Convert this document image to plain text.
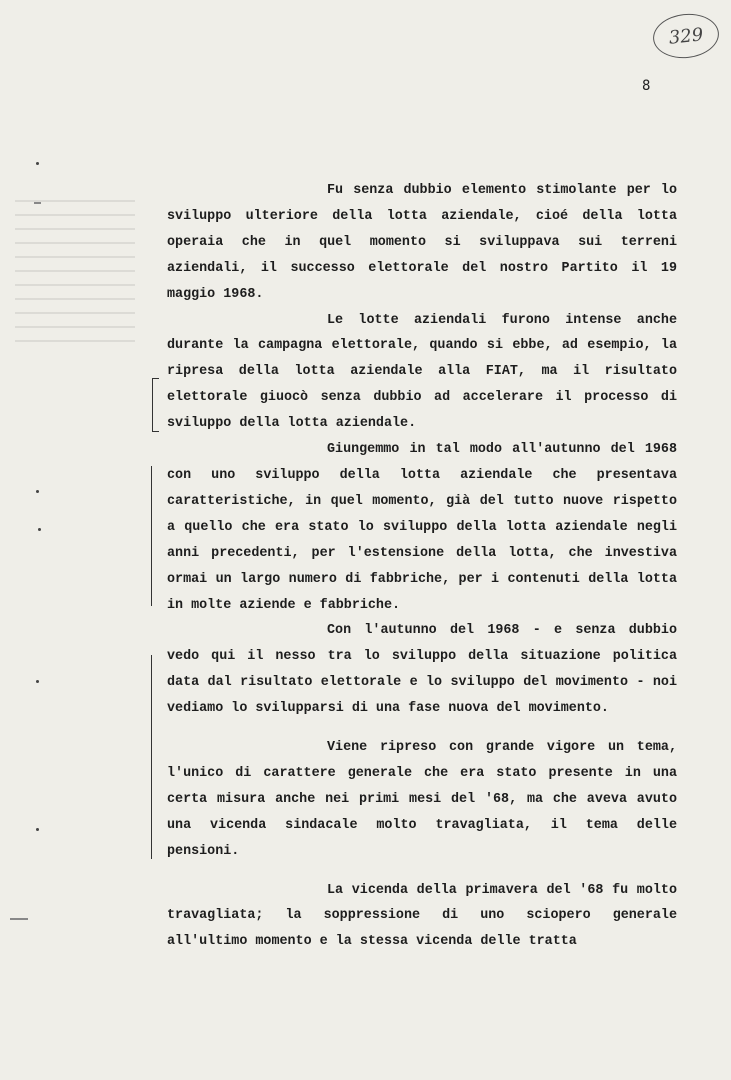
329
8

Fu senza dubbio elemento stimolante per lo sviluppo ulteriore della lotta aziendale, cioé della lotta operaia che in quel momento si sviluppava sui terreni aziendali, il successo elettorale del nostro Partito il 19 maggio 1968.

Le lotte aziendali furono intense anche durante la campagna elettorale, quando si ebbe, ad esempio, la ripresa della lotta aziendale alla FIAT, ma il risultato elettorale giuocò senza dubbio ad accelerare il processo di sviluppo della lotta aziendale.

Giungemmo in tal modo all'autunno del 1968 con uno sviluppo della lotta aziendale che presentava caratteristiche, in quel momento, già del tutto nuove rispetto a quello che era stato lo sviluppo della lotta aziendale negli anni precedenti, per l'estensione della lotta, che investiva ormai un largo numero di fabbriche, per i contenuti della lotta in molte aziende e fabbriche.

Con l'autunno del 1968 - e senza dubbio vedo qui il nesso tra lo sviluppo della situazione politica data dal risultato elettorale e lo sviluppo del movimento - noi vediamo lo svilupparsi di una fase nuova del movimento.

Viene ripreso con grande vigore un tema, l'unico di carattere generale che era stato presente in una certa misura anche nei primi mesi del '68, ma che aveva avuto una vicenda sindacale molto travagliata, il tema delle pensioni.

La vicenda della primavera del '68 fu molto travagliata; la soppressione di uno sciopero generale all'ultimo momento e la stessa vicenda delle tratta
